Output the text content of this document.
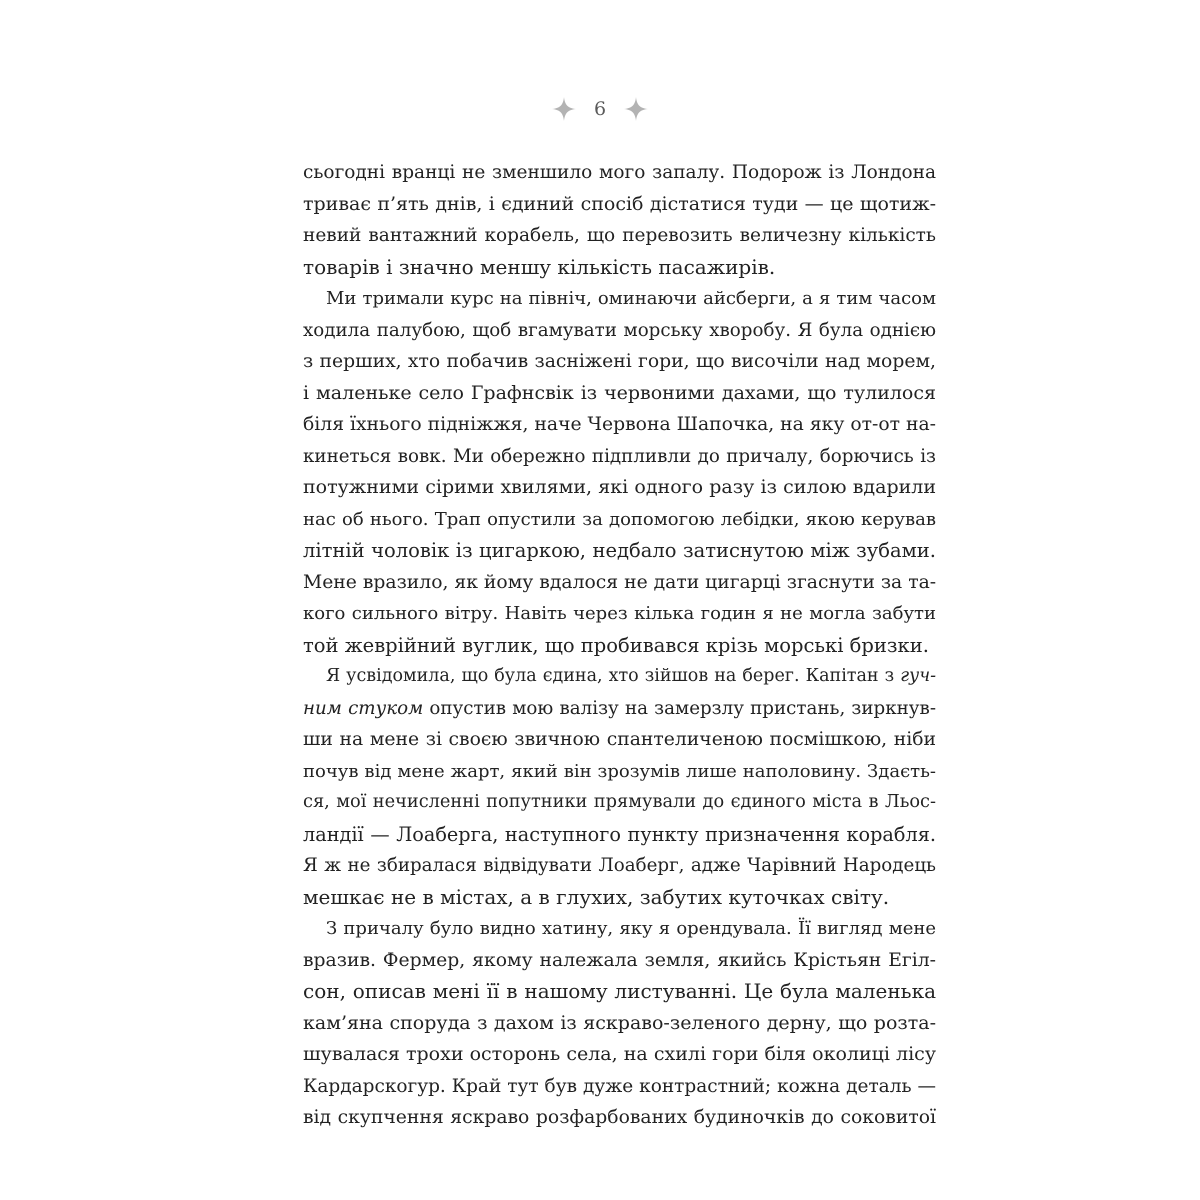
6
сьогодні вранці не зменшило мого запалу. Подорож із Лондона
триває п’ять днів, і єдиний спосіб дістатися туди — це щотиж-
невий вантажний корабель, що перевозить величезну кількість
товарів і значно меншу кількість пасажирів.
Ми тримали курс на північ, оминаючи айсберги, а я тим часом
ходила палубою, щоб вгамувати морську хворобу. Я була однією
з перших, хто побачив засніжені гори, що височіли над морем,
і маленьке село Графнсвік із червоними дахами, що тулилося
біля їхнього підніжжя, наче Червона Шапочка, на яку от-от на-
кинеться вовк. Ми обережно підпливли до причалу, борючись із
потужними сірими хвилями, які одного разу із силою вдарили
нас об нього. Трап опустили за допомогою лебідки, якою керував
літній чоловік із цигаркою, недбало затиснутою між зубами.
Мене вразило, як йому вдалося не дати цигарці згаснути за та-
кого сильного вітру. Навіть через кілька годин я не могла забути
той жеврійний вуглик, що пробивався крізь морські бризки.
Я усвідомила, що була єдина, хто зійшов на берег. Капітан з гуч-
ним стуком опустив мою валізу на замерзлу пристань, зиркнув-
ши на мене зі своєю звичною спантеличеною посмішкою, ніби
почув від мене жарт, який він зрозумів лише наполовину. Здаєть-
ся, мої нечисленні попутники прямували до єдиного міста в Льос-
ландії — Лоаберга, наступного пункту призначення корабля.
Я ж не збиралася відвідувати Лоаберг, адже Чарівний Народець
мешкає не в містах, а в глухих, забутих куточках світу.
З причалу було видно хатину, яку я орендувала. Її вигляд мене
вразив. Фермер, якому належала земля, якийсь Крістьян Егіл-
сон, описав мені її в нашому листуванні. Це була маленька
кам’яна споруда з дахом із яскраво-зеленого дерну, що розта-
шувалася трохи осторонь села, на схилі гори біля околиці лісу
Кардарскогур. Край тут був дуже контрастний; кожна деталь —
від скупчення яскраво розфарбованих будиночків до соковитої
